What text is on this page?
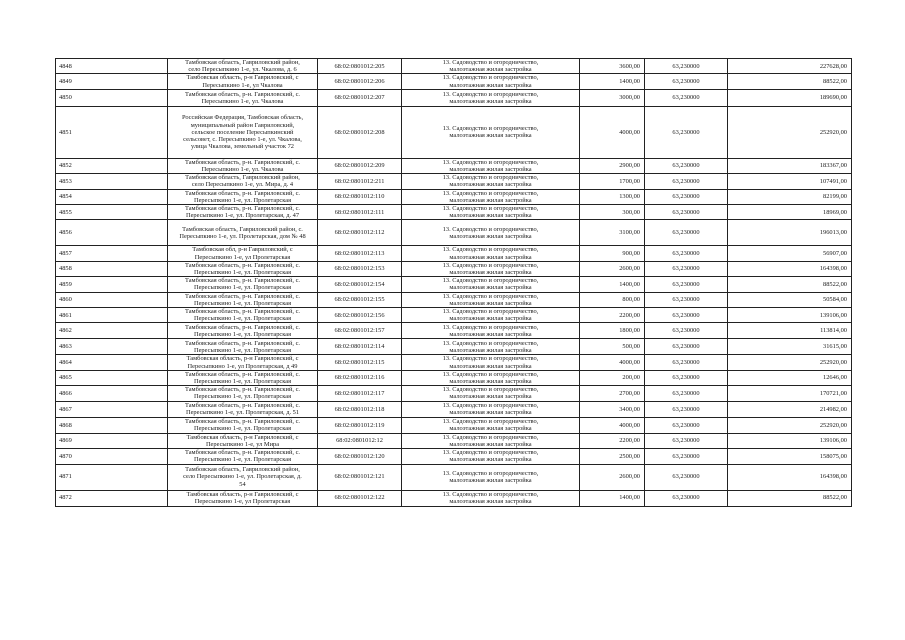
4848	Тамбовская область, Гавриловский район,
село Пересыпкино 1-е, ул. Чкалова, д. 6	68:02:0801012:205	13. Садоводство и огородничество,
малоэтажная жилая застройка	3600,00	63,230000	227628,00
4849	Тамбовская область, р-н Гавриловский, с
Пересыпкино 1-е, ул Чкалова	68:02:0801012:206	13. Садоводство и огородничество,
малоэтажная жилая застройка	1400,00	63,230000	88522,00
4850	Тамбовская область, р-н. Гавриловский, с.
Пересыпкино 1-е, ул. Чкалова	68:02:0801012:207	13. Садоводство и огородничество,
малоэтажная жилая застройка	3000,00	63,230000	189690,00
4851	Российская Федерация, Тамбовская область,
муниципальный район Гавриловский,
сельское поселение Пересыпкинский
сельсовет, с. Пересыпкино 1-е, ул. Чкалова,
улица Чкалова, земельный участок 72	68:02:0801012:208	13. Садоводство и огородничество,
малоэтажная жилая застройка	4000,00	63,230000	252920,00
4852	Тамбовская область, р-н. Гавриловский, с.
Пересыпкино 1-е, ул. Чкалова	68:02:0801012:209	13. Садоводство и огородничество,
малоэтажная жилая застройка	2900,00	63,230000	183367,00
4853	Тамбовская область, Гавриловский район,
село Пересыпкино 1-е, ул. Мира, д. 4	68:02:0801012:211	13. Садоводство и огородничество,
малоэтажная жилая застройка	1700,00	63,230000	107491,00
4854	Тамбовская область, р-н. Гавриловский, с.
Пересыпкино 1-е, ул. Пролетарская	68:02:0801012:110	13. Садоводство и огородничество,
малоэтажная жилая застройка	1300,00	63,230000	82199,00
4855	Тамбовская область, р-н. Гавриловский, с.
Пересыпкино 1-е, ул. Пролетарская, д. 47	68:02:0801012:111	13. Садоводство и огородничество,
малоэтажная жилая застройка	300,00	63,230000	18969,00
4856	Тамбовская область, Гавриловский район, с.
Пересыпкино 1-е, ул. Пролетарская, дом № 48	68:02:0801012:112	13. Садоводство и огородничество,
малоэтажная жилая застройка	3100,00	63,230000	196013,00
4857	Тамбовская обл, р-н Гавриловский, с
Пересыпкино 1-е, ул Пролетарская	68:02:0801012:113	13. Садоводство и огородничество,
малоэтажная жилая застройка	900,00	63,230000	56907,00
4858	Тамбовская область, р-н. Гавриловский, с.
Пересыпкино 1-е, ул. Пролетарская	68:02:0801012:153	13. Садоводство и огородничество,
малоэтажная жилая застройка	2600,00	63,230000	164398,00
4859	Тамбовская область, р-н. Гавриловский, с.
Пересыпкино 1-е, ул. Пролетарская	68:02:0801012:154	13. Садоводство и огородничество,
малоэтажная жилая застройка	1400,00	63,230000	88522,00
4860	Тамбовская область, р-н. Гавриловский, с.
Пересыпкино 1-е, ул. Пролетарская	68:02:0801012:155	13. Садоводство и огородничество,
малоэтажная жилая застройка	800,00	63,230000	50584,00
4861	Тамбовская область, р-н. Гавриловский, с.
Пересыпкино 1-е, ул. Пролетарская	68:02:0801012:156	13. Садоводство и огородничество,
малоэтажная жилая застройка	2200,00	63,230000	139106,00
4862	Тамбовская область, р-н. Гавриловский, с.
Пересыпкино 1-е, ул. Пролетарская	68:02:0801012:157	13. Садоводство и огородничество,
малоэтажная жилая застройка	1800,00	63,230000	113814,00
4863	Тамбовская область, р-н. Гавриловский, с.
Пересыпкино 1-е, ул. Пролетарская	68:02:0801012:114	13. Садоводство и огородничество,
малоэтажная жилая застройка	500,00	63,230000	31615,00
4864	Тамбовская область, р-н Гавриловский, с
Пересыпкино 1-е, ул Пролетарская, д 49	68:02:0801012:115	13. Садоводство и огородничество,
малоэтажная жилая застройка	4000,00	63,230000	252920,00
4865	Тамбовская область, р-н. Гавриловский, с.
Пересыпкино 1-е, ул. Пролетарская	68:02:0801012:116	13. Садоводство и огородничество,
малоэтажная жилая застройка	200,00	63,230000	12646,00
4866	Тамбовская область, р-н. Гавриловский, с.
Пересыпкино 1-е, ул. Пролетарская	68:02:0801012:117	13. Садоводство и огородничество,
малоэтажная жилая застройка	2700,00	63,230000	170721,00
4867	Тамбовская область, р-н. Гавриловский, с.
Пересыпкино 1-е, ул. Пролетарская, д. 51	68:02:0801012:118	13. Садоводство и огородничество,
малоэтажная жилая застройка	3400,00	63,230000	214982,00
4868	Тамбовская область, р-н. Гавриловский, с.
Пересыпкино 1-е, ул. Пролетарская	68:02:0801012:119	13. Садоводство и огородничество,
малоэтажная жилая застройка	4000,00	63,230000	252920,00
4869	Тамбовская область, р-н Гавриловский, с
Пересыпкино 1-е, ул Мира	68:02:0801012:12	13. Садоводство и огородничество,
малоэтажная жилая застройка	2200,00	63,230000	139106,00
4870	Тамбовская область, р-н. Гавриловский, с.
Пересыпкино 1-е, ул. Пролетарская	68:02:0801012:120	13. Садоводство и огородничество,
малоэтажная жилая застройка	2500,00	63,230000	158075,00
4871	Тамбовская область, Гавриловский район,
село Пересыпкино 1-е, ул. Пролетарская, д.
54	68:02:0801012:121	13. Садоводство и огородничество,
малоэтажная жилая застройка	2600,00	63,230000	164398,00
4872	Тамбовская область, р-н Гавриловский, с
Пересыпкино 1-е, ул Пролетарская	68:02:0801012:122	13. Садоводство и огородничество,
малоэтажная жилая застройка	1400,00	63,230000	88522,00
